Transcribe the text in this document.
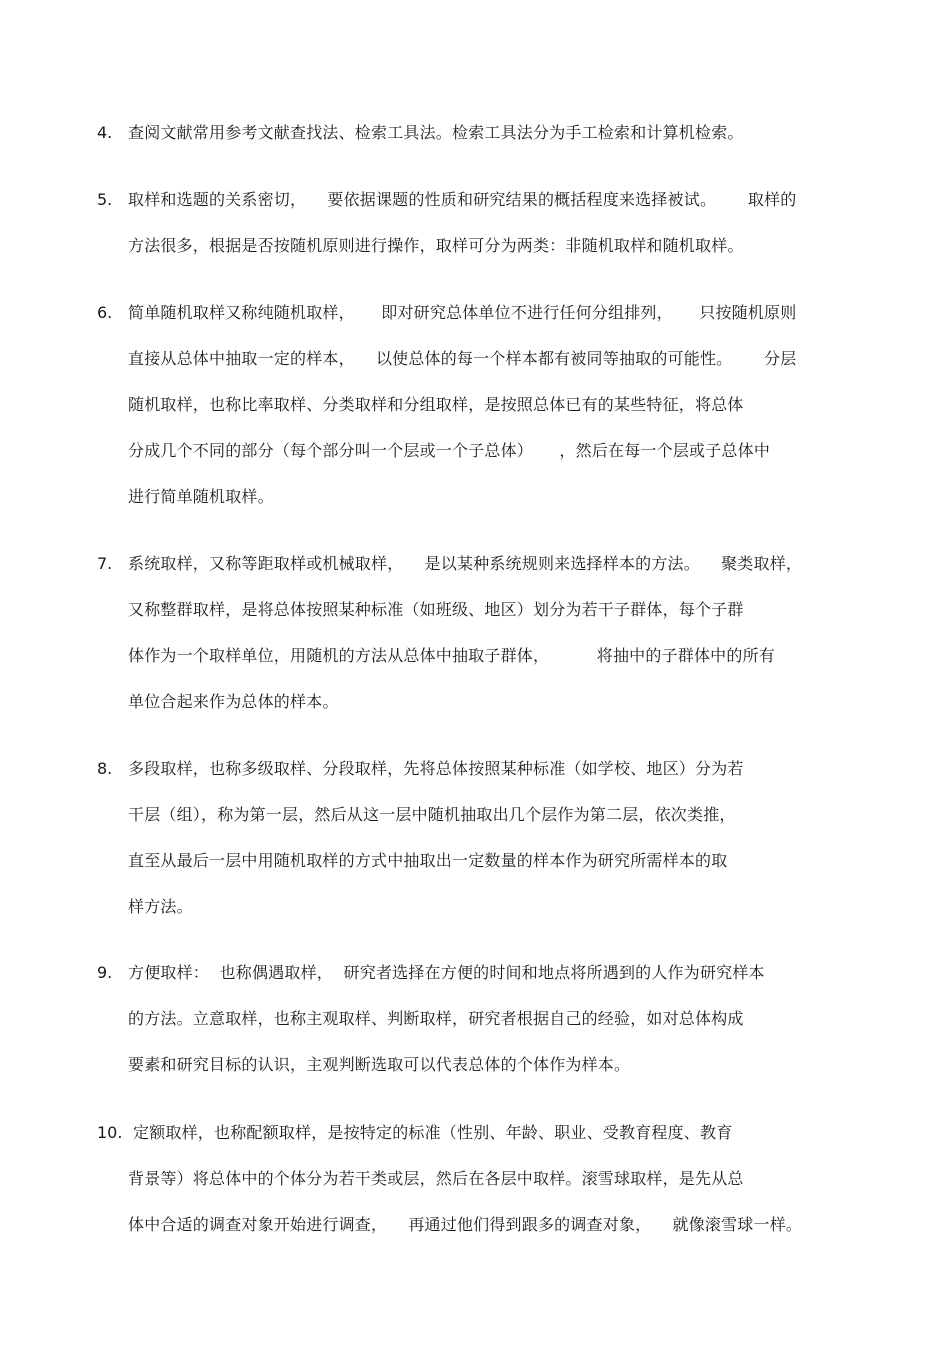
4. 查阅文献常用参考文献查找法、检索工具法。检索工具法分为手工检索和计算机检索。
5. 取样和选题的关系密切，    要依据课题的性质和研究结果的概括程度来选择被试。      取样的
方法很多，根据是否按随机原则进行操作，取样可分为两类：非随机取样和随机取样。
6. 简单随机取样又称纯随机取样，     即对研究总体单位不进行任何分组排列，     只按随机原则
直接从总体中抽取一定的样本，    以使总体的每一个样本都有被同等抽取的可能性。      分层
随机取样，也称比率取样、分类取样和分组取样，是按照总体已有的某些特征，将总体
分成几个不同的部分（每个部分叫一个层或一个子总体）     ，然后在每一个层或子总体中
进行简单随机取样。
7. 系统取样，又称等距取样或机械取样，    是以某种系统规则来选择样本的方法。    聚类取样，
又称整群取样，是将总体按照某种标准（如班级、地区）划分为若干子群体，每个子群
体作为一个取样单位，用随机的方法从总体中抽取子群体，         将抽中的子群体中的所有
单位合起来作为总体的样本。
8. 多段取样，也称多级取样、分段取样，先将总体按照某种标准（如学校、地区）分为若
干层（组），称为第一层，然后从这一层中随机抽取出几个层作为第二层，依次类推，
直至从最后一层中用随机取样的方式中抽取出一定数量的样本作为研究所需样本的取
样方法。
9. 方便取样：  也称偶遇取样，  研究者选择在方便的时间和地点将所遇到的人作为研究样本
的方法。立意取样，也称主观取样、判断取样，研究者根据自己的经验，如对总体构成
要素和研究目标的认识，主观判断选取可以代表总体的个体作为样本。
10. 定额取样，也称配额取样，是按特定的标准（性别、年龄、职业、受教育程度、教育
背景等）将总体中的个体分为若干类或层，然后在各层中取样。滚雪球取样，是先从总
体中合适的调查对象开始进行调查，    再通过他们得到跟多的调查对象，    就像滚雪球一样。
